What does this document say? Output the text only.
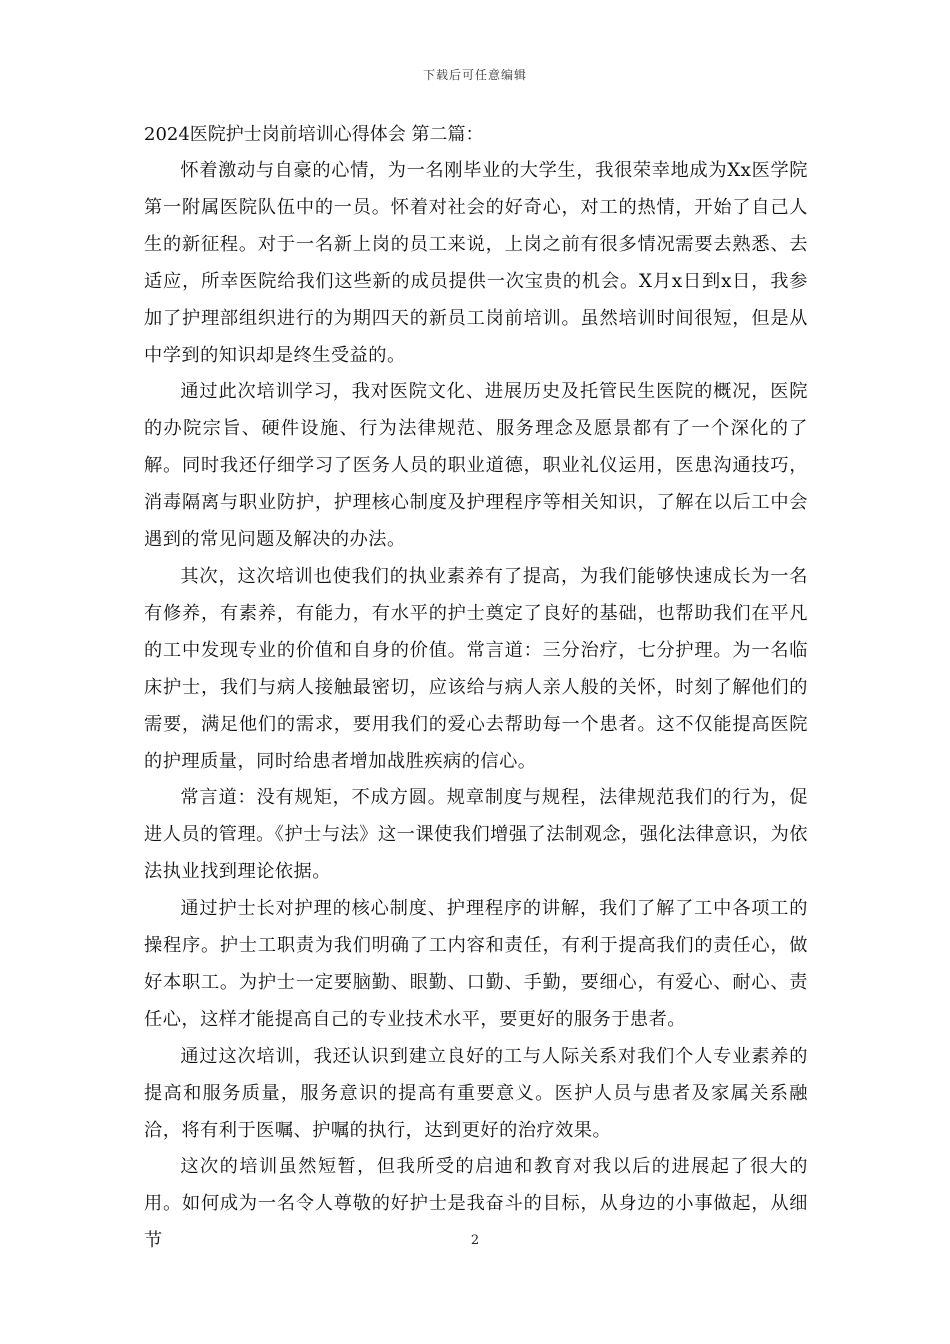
下载后可任意编辑

2024医院护士岗前培训心得体会 第二篇：

怀着激动与自豪的心情，为一名刚毕业的大学生，我很荣幸地成为Xx医学院第一附属医院队伍中的一员。怀着对社会的好奇心，对工的热情，开始了自己人生的新征程。对于一名新上岗的员工来说，上岗之前有很多情况需要去熟悉、去适应，所幸医院给我们这些新的成员提供一次宝贵的机会。X月x日到x日，我参加了护理部组织进行的为期四天的新员工岗前培训。虽然培训时间很短，但是从中学到的知识却是终生受益的。

通过此次培训学习，我对医院文化、进展历史及托管民生医院的概况，医院的办院宗旨、硬件设施、行为法律规范、服务理念及愿景都有了一个深化的了解。同时我还仔细学习了医务人员的职业道德，职业礼仪运用，医患沟通技巧，消毒隔离与职业防护，护理核心制度及护理程序等相关知识，了解在以后工中会遇到的常见问题及解决的办法。

其次，这次培训也使我们的执业素养有了提高，为我们能够快速成长为一名有修养，有素养，有能力，有水平的护士奠定了良好的基础，也帮助我们在平凡的工中发现专业的价值和自身的价值。常言道：三分治疗，七分护理。为一名临床护士，我们与病人接触最密切，应该给与病人亲人般的关怀，时刻了解他们的需要，满足他们的需求，要用我们的爱心去帮助每一个患者。这不仅能提高医院的护理质量，同时给患者增加战胜疾病的信心。

常言道：没有规矩，不成方圆。规章制度与规程，法律规范我们的行为，促进人员的管理。《护士与法》这一课使我们增强了法制观念，强化法律意识，为依法执业找到理论依据。

通过护士长对护理的核心制度、护理程序的讲解，我们了解了工中各项工的操程序。护士工职责为我们明确了工内容和责任，有利于提高我们的责任心，做好本职工。为护士一定要脑勤、眼勤、口勤、手勤，要细心，有爱心、耐心、责任心，这样才能提高自己的专业技术水平，要更好的服务于患者。

通过这次培训，我还认识到建立良好的工与人际关系对我们个人专业素养的提高和服务质量，服务意识的提高有重要意义。医护人员与患者及家属关系融洽，将有利于医嘱、护嘱的执行，达到更好的治疗效果。

这次的培训虽然短暂，但我所受的启迪和教育对我以后的进展起了很大的用。如何成为一名令人尊敬的好护士是我奋斗的目标，从身边的小事做起，从细节	2
